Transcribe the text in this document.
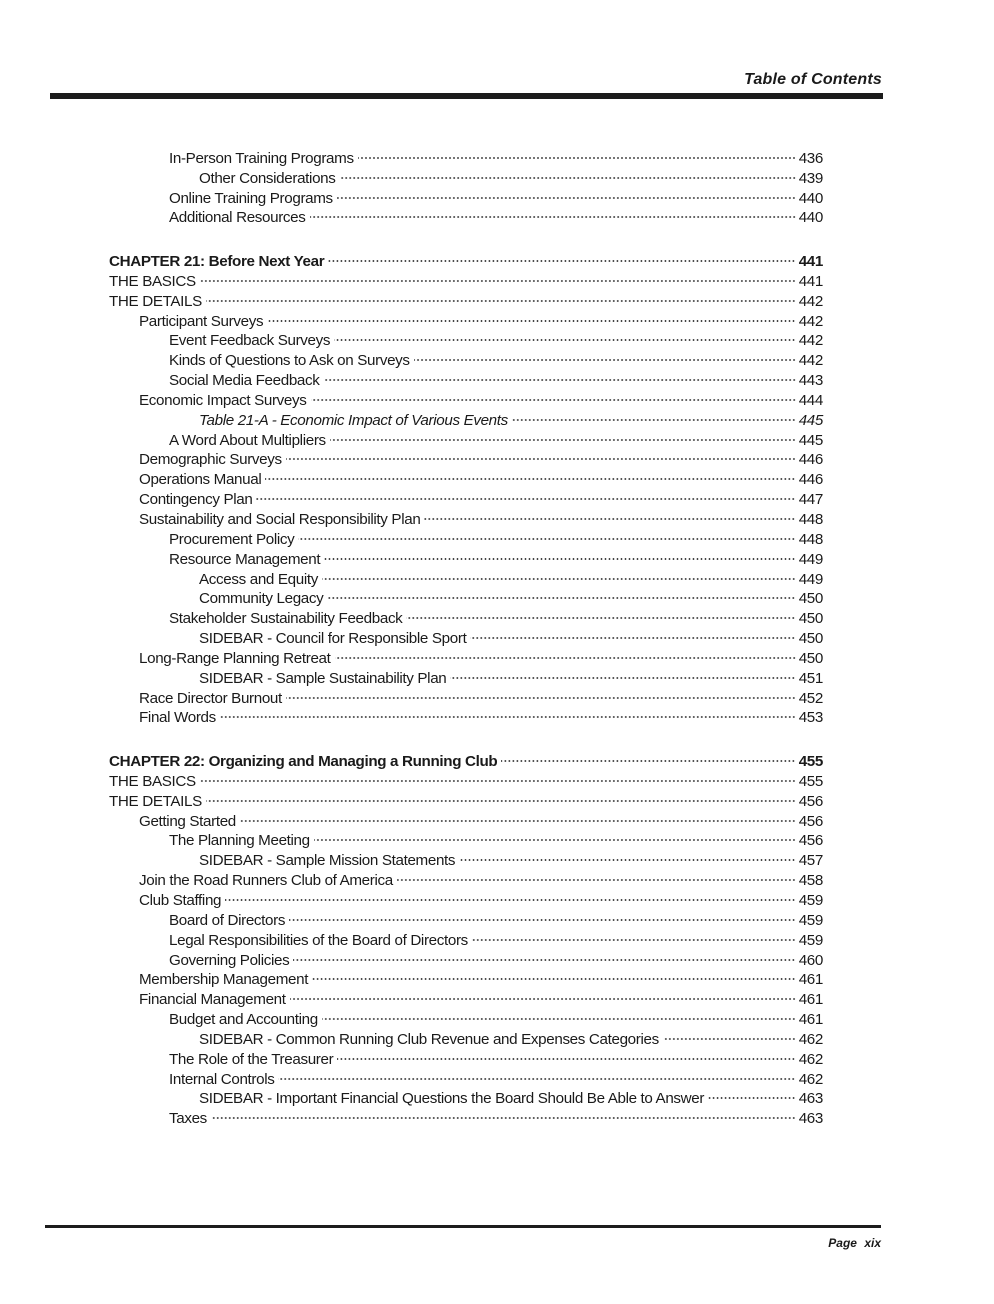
Table of Contents
In-Person Training Programs	436
Other Considerations	439
Online Training Programs	440
Additional Resources	440
CHAPTER 21: Before Next Year	441
THE BASICS	441
THE DETAILS	442
Participant Surveys	442
Event Feedback Surveys	442
Kinds of Questions to Ask on Surveys	442
Social Media Feedback	443
Economic Impact Surveys	444
Table 21-A - Economic Impact of Various Events	445
A Word About Multipliers	445
Demographic Surveys	446
Operations Manual	446
Contingency Plan	447
Sustainability and Social Responsibility Plan	448
Procurement Policy	448
Resource Management	449
Access and Equity	449
Community Legacy	450
Stakeholder Sustainability Feedback	450
SIDEBAR - Council for Responsible Sport	450
Long-Range Planning Retreat	450
SIDEBAR - Sample Sustainability Plan	451
Race Director Burnout	452
Final Words	453
CHAPTER 22: Organizing and Managing a Running Club	455
THE BASICS	455
THE DETAILS	456
Getting Started	456
The Planning Meeting	456
SIDEBAR - Sample Mission Statements	457
Join the Road Runners Club of America	458
Club Staffing	459
Board of Directors	459
Legal Responsibilities of the Board of Directors	459
Governing Policies	460
Membership Management	461
Financial Management	461
Budget and Accounting	461
SIDEBAR - Common Running Club Revenue and Expenses Categories	462
The Role of the Treasurer	462
Internal Controls	462
SIDEBAR - Important Financial Questions the Board Should Be Able to Answer	463
Taxes	463
Page xix
